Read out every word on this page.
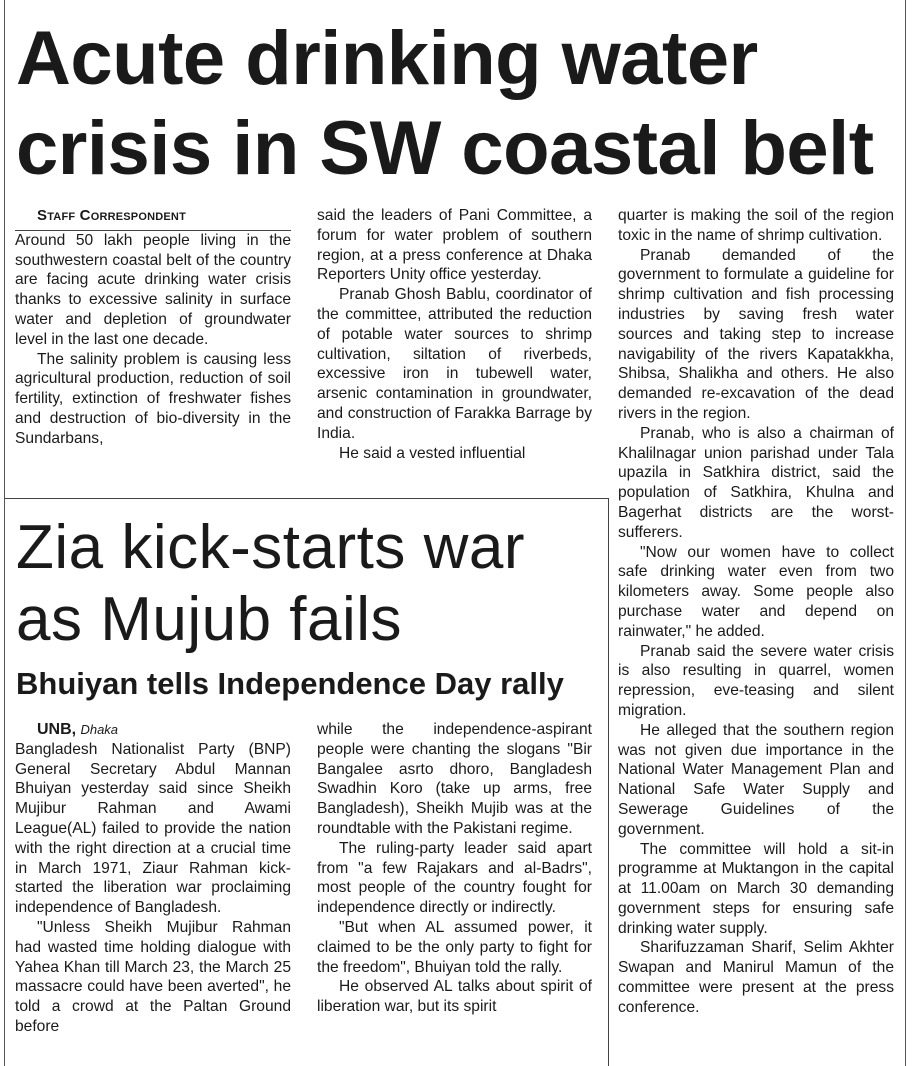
Acute drinking water
crisis in SW coastal belt

Staff Correspondent

Around 50 lakh people living in the southwestern coastal belt of the country are facing acute drinking water crisis thanks to excessive salinity in surface water and depletion of groundwater level in the last one decade.

The salinity problem is causing less agricultural production, reduction of soil fertility, extinction of freshwater fishes and destruction of bio-diversity in the Sundarbans,

said the leaders of Pani Committee, a forum for water problem of southern region, at a press conference at Dhaka Reporters Unity office yesterday.

Pranab Ghosh Bablu, coordinator of the committee, attributed the reduction of potable water sources to shrimp cultivation, siltation of riverbeds, excessive iron in tubewell water, arsenic contamination in groundwater, and construction of Farakka Barrage by India.

He said a vested influential

quarter is making the soil of the region toxic in the name of shrimp cultivation.

Pranab demanded of the government to formulate a guideline for shrimp cultivation and fish processing industries by saving fresh water sources and taking step to increase navigability of the rivers Kapatakkha, Shibsa, Shalikha and others. He also demanded re-excavation of the dead rivers in the region.

Pranab, who is also a chairman of Khalilnagar union parishad under Tala upazila in Satkhira district, said the population of Satkhira, Khulna and Bagerhat districts are the worst-sufferers.

"Now our women have to collect safe drinking water even from two kilometers away. Some people also purchase water and depend on rainwater," he added.

Pranab said the severe water crisis is also resulting in quarrel, women repression, eve-teasing and silent migration.

He alleged that the southern region was not given due importance in the National Water Management Plan and National Safe Water Supply and Sewerage Guidelines of the government.

The committee will hold a sit-in programme at Muktangon in the capital at 11.00am on March 30 demanding government steps for ensuring safe drinking water supply.

Sharifuzzaman Sharif, Selim Akhter Swapan and Manirul Mamun of the committee were present at the press conference.

Zia kick-starts war
as Mujub fails
Bhuiyan tells Independence Day rally

UNB, Dhaka

Bangladesh Nationalist Party (BNP) General Secretary Abdul Mannan Bhuiyan yesterday said since Sheikh Mujibur Rahman and Awami League(AL) failed to provide the nation with the right direction at a crucial time in March 1971, Ziaur Rahman kick-started the liberation war proclaiming independence of Bangladesh.

"Unless Sheikh Mujibur Rahman had wasted time holding dialogue with Yahea Khan till March 23, the March 25 massacre could have been averted", he told a crowd at the Paltan Ground before

while the independence-aspirant people were chanting the slogans "Bir Bangalee asrto dhoro, Bangladesh Swadhin Koro (take up arms, free Bangladesh), Sheikh Mujib was at the roundtable with the Pakistani regime.

The ruling-party leader said apart from "a few Rajakars and al-Badrs", most people of the country fought for independence directly or indirectly.

"But when AL assumed power, it claimed to be the only party to fight for the freedom", Bhuiyan told the rally.

He observed AL talks about spirit of liberation war, but its spirit
